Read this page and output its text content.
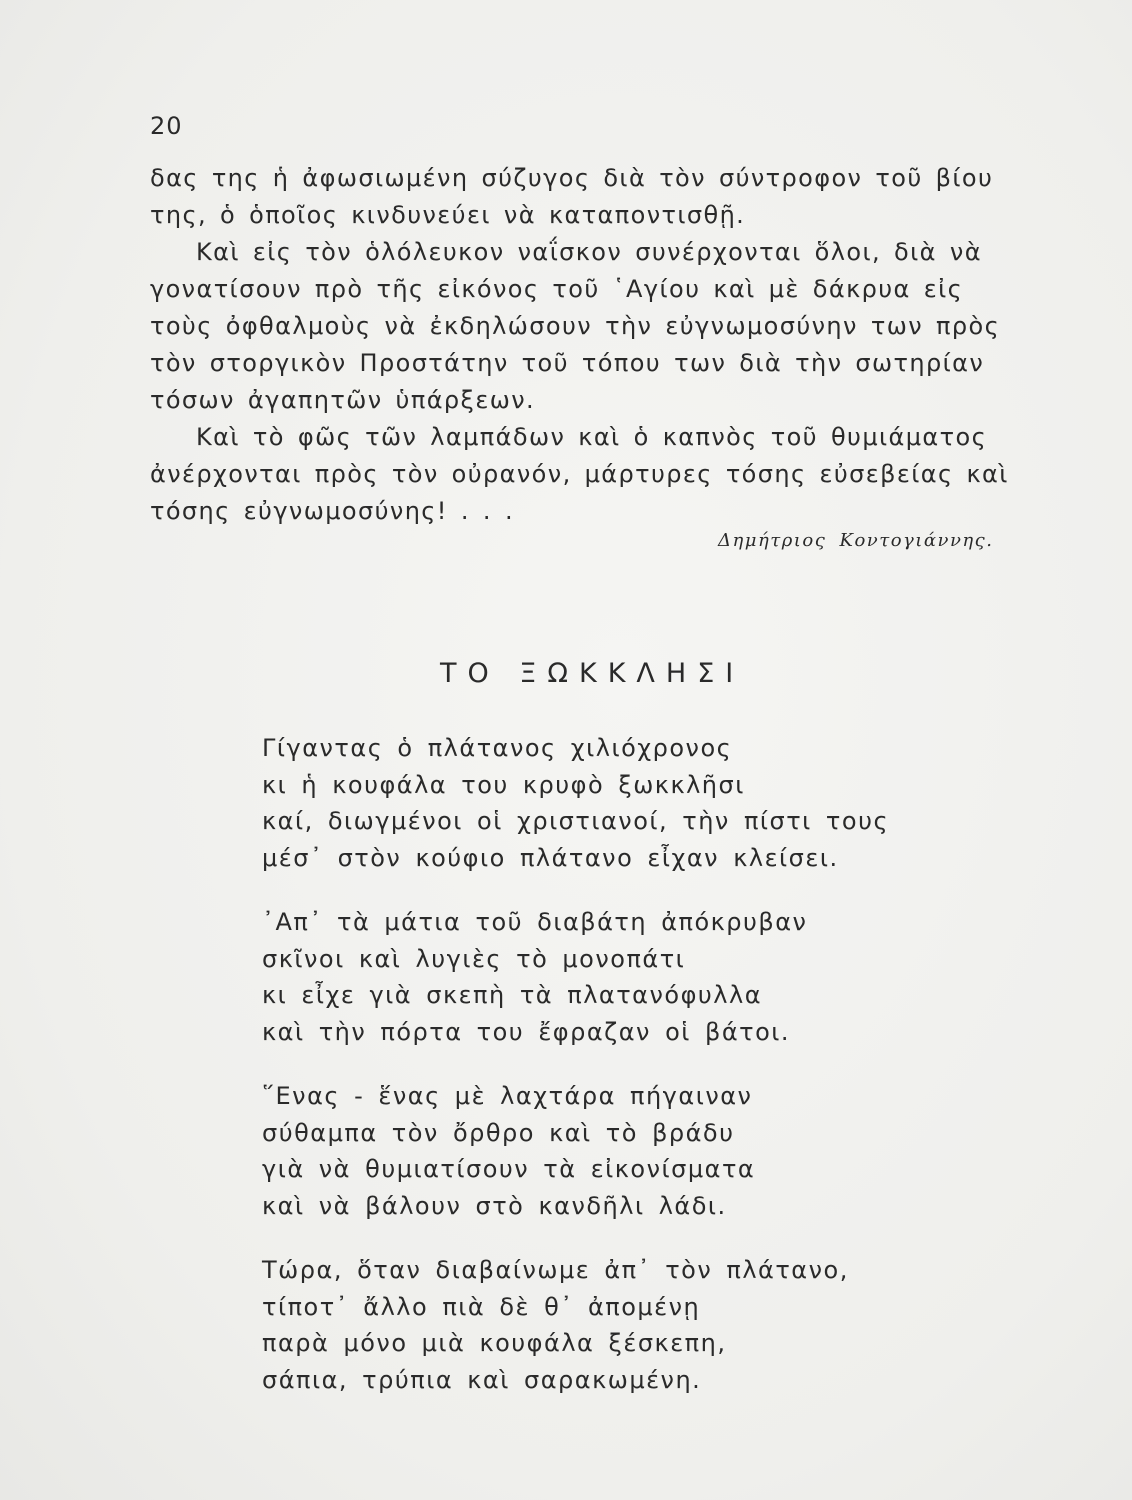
20
δας της ἡ ἀφωσιωμένη σύζυγος διὰ τὸν σύντροφον τοῦ βίου
της, ὁ ὁποῖος κινδυνεύει νὰ καταποντισθῇ.
Καὶ εἰς τὸν ὁλόλευκον ναΐσκον συνέρχονται ὅλοι, διὰ νὰ
γονατίσουν πρὸ τῆς εἰκόνος τοῦ ῾Αγίου καὶ μὲ δάκρυα εἰς
τοὺς ὀφθαλμοὺς νὰ ἐκδηλώσουν τὴν εὐγνωμοσύνην των πρὸς
τὸν στοργικὸν Προστάτην τοῦ τόπου των διὰ τὴν σωτηρίαν
τόσων ἀγαπητῶν ὑπάρξεων.
Καὶ τὸ φῶς τῶν λαμπάδων καὶ ὁ καπνὸς τοῦ θυμιάματος
ἀνέρχονται πρὸς τὸν οὐρανόν, μάρτυρες τόσης εὐσεβείας καὶ
τόσης εὐγνωμοσύνης! . . .
Δημήτριος Κοντογιάννης.
ΤΟ ΞΩΚΚΛΗΣΙ
Γίγαντας ὁ πλάτανος χιλιόχρονος
κι ἡ κουφάλα του κρυφὸ ξωκκλῆσι
καί, διωγμένοι οἱ χριστιανοί, τὴν πίστι τους
μέσ᾽ στὸν κούφιο πλάτανο εἶχαν κλείσει.
᾽Απ᾽ τὰ μάτια τοῦ διαβάτη ἀπόκρυβαν
σκῖνοι καὶ λυγιὲς τὸ μονοπάτι
κι εἶχε γιὰ σκεπὴ τὰ πλατανόφυλλα
καὶ τὴν πόρτα του ἔφραζαν οἱ βάτοι.
῞Ενας - ἕνας μὲ λαχτάρα πήγαιναν
σύθαμπα τὸν ὄρθρο καὶ τὸ βράδυ
γιὰ νὰ θυμιατίσουν τὰ εἰκονίσματα
καὶ νὰ βάλουν στὸ κανδῆλι λάδι.
Τώρα, ὅταν διαβαίνωμε ἀπ᾽ τὸν πλάτανο,
τίποτ᾽ ἄλλο πιὰ δὲ θ᾽ ἀπομένῃ
παρὰ μόνο μιὰ κουφάλα ξέσκεπη,
σάπια, τρύπια καὶ σαρακωμένη.
